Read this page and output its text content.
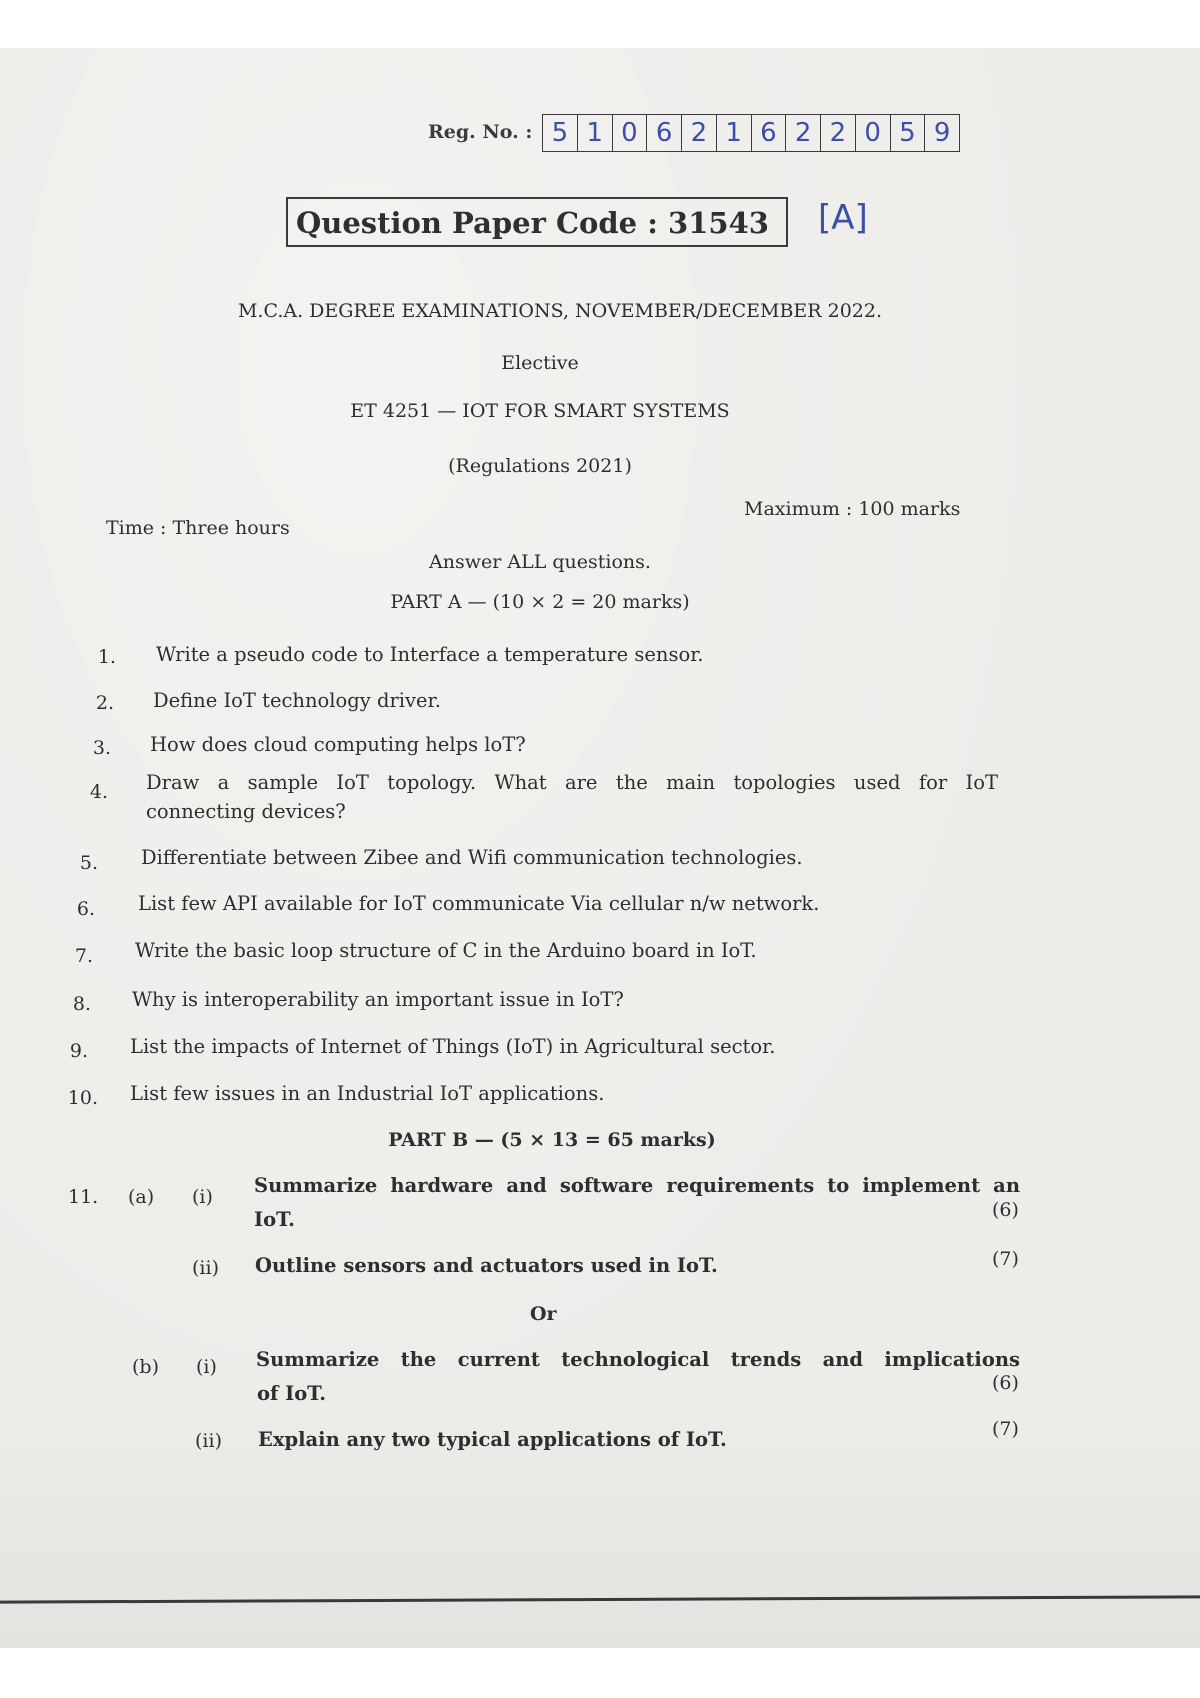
Reg. No. : 5 1 0 6 2 1 6 2 2 0 5 9
Question Paper Code : 31543	[A]
M.C.A. DEGREE EXAMINATIONS, NOVEMBER/DECEMBER 2022.
Elective
ET 4251 — IOT FOR SMART SYSTEMS
(Regulations 2021)
Time : Three hours
Maximum : 100 marks
Answer ALL questions.
PART A — (10 × 2 = 20 marks)
1. Write a pseudo code to Interface a temperature sensor.
2. Define IoT technology driver.
3. How does cloud computing helps loT?
4. Draw a sample IoT topology. What are the main topologies used for IoT
connecting devices?
5. Differentiate between Zibee and Wifi communication technologies.
6. List few API available for IoT communicate Via cellular n/w network.
7. Write the basic loop structure of C in the Arduino board in IoT.
8. Why is interoperability an important issue in IoT?
9. List the impacts of Internet of Things (IoT) in Agricultural sector.
10. List few issues in an Industrial IoT applications.
PART B — (5 × 13 = 65 marks)
11. (a) (i) Summarize hardware and software requirements to implement an
IoT.	(6)
(ii) Outline sensors and actuators used in IoT.	(7)
Or
(b) (i) Summarize the current technological trends and implications
of IoT.	(6)
(ii) Explain any two typical applications of IoT.	(7)
